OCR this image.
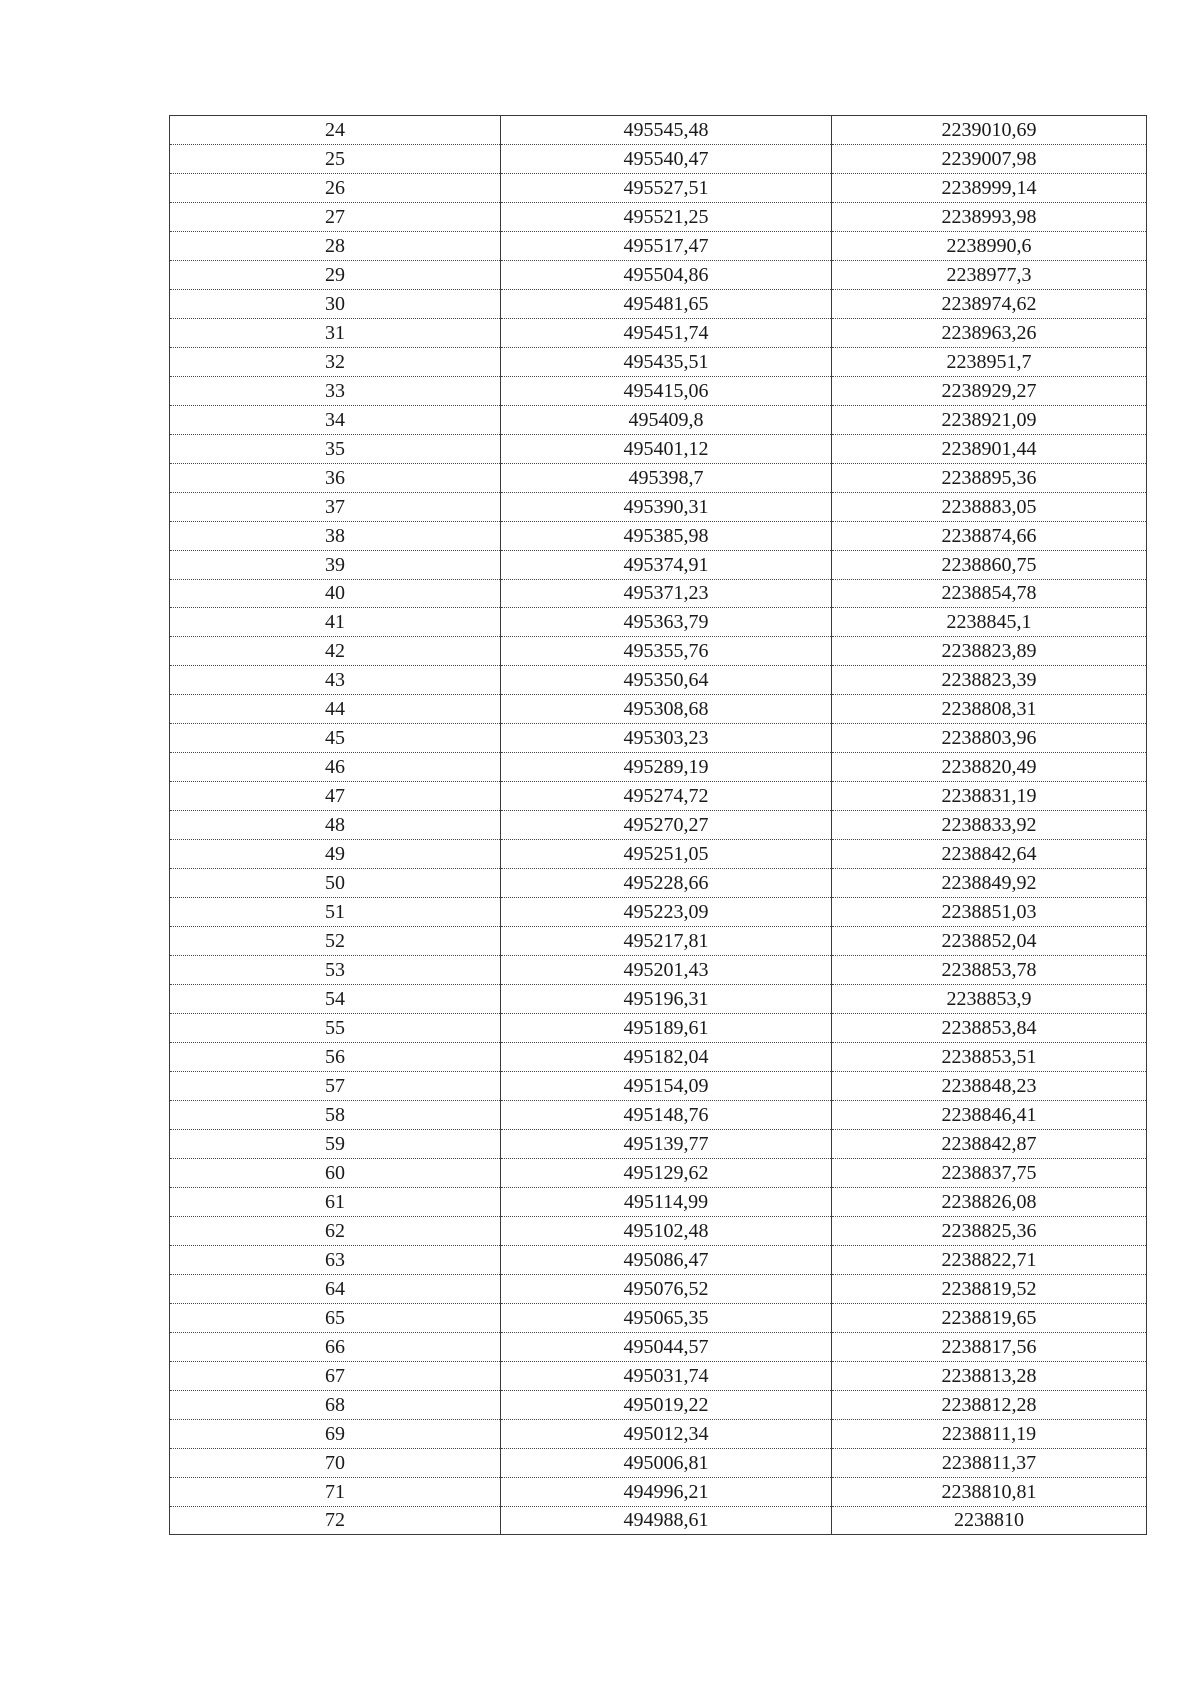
24	495545,48	2239010,69
25	495540,47	2239007,98
26	495527,51	2238999,14
27	495521,25	2238993,98
28	495517,47	2238990,6
29	495504,86	2238977,3
30	495481,65	2238974,62
31	495451,74	2238963,26
32	495435,51	2238951,7
33	495415,06	2238929,27
34	495409,8	2238921,09
35	495401,12	2238901,44
36	495398,7	2238895,36
37	495390,31	2238883,05
38	495385,98	2238874,66
39	495374,91	2238860,75
40	495371,23	2238854,78
41	495363,79	2238845,1
42	495355,76	2238823,89
43	495350,64	2238823,39
44	495308,68	2238808,31
45	495303,23	2238803,96
46	495289,19	2238820,49
47	495274,72	2238831,19
48	495270,27	2238833,92
49	495251,05	2238842,64
50	495228,66	2238849,92
51	495223,09	2238851,03
52	495217,81	2238852,04
53	495201,43	2238853,78
54	495196,31	2238853,9
55	495189,61	2238853,84
56	495182,04	2238853,51
57	495154,09	2238848,23
58	495148,76	2238846,41
59	495139,77	2238842,87
60	495129,62	2238837,75
61	495114,99	2238826,08
62	495102,48	2238825,36
63	495086,47	2238822,71
64	495076,52	2238819,52
65	495065,35	2238819,65
66	495044,57	2238817,56
67	495031,74	2238813,28
68	495019,22	2238812,28
69	495012,34	2238811,19
70	495006,81	2238811,37
71	494996,21	2238810,81
72	494988,61	2238810
